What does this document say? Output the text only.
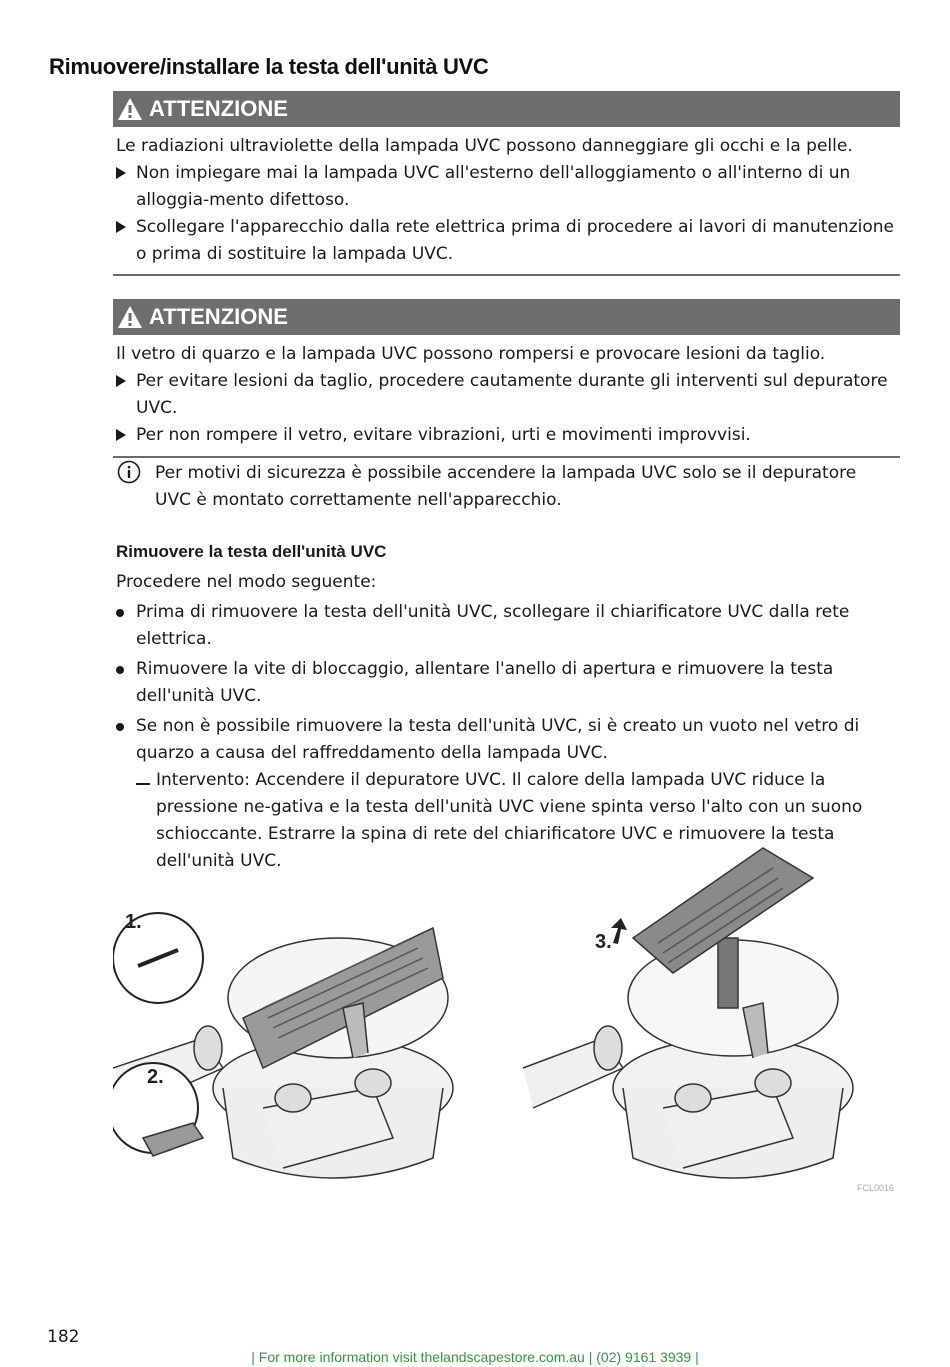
Rimuovere/installare la testa dell'unità UVC
ATTENZIONE

Le radiazioni ultraviolette della lampada UVC possono danneggiare gli occhi e la pelle.

Non impiegare mai la lampada UVC all'esterno dell'alloggiamento o all'interno di un alloggia-mento difettoso.
Scollegare l'apparecchio dalla rete elettrica prima di procedere ai lavori di manutenzione o prima di sostituire la lampada UVC.
ATTENZIONE

Il vetro di quarzo e la lampada UVC possono rompersi e provocare lesioni da taglio.

Per evitare lesioni da taglio, procedere cautamente durante gli interventi sul depuratore UVC.
Per non rompere il vetro, evitare vibrazioni, urti e movimenti improvvisi.

Per motivi di sicurezza è possibile accendere la lampada UVC solo se il depuratore UVC è montato correttamente nell'apparecchio.

Rimuovere la testa dell'unità UVC

Procedere nel modo seguente:

Prima di rimuovere la testa dell'unità UVC, scollegare il chiarificatore UVC dalla rete elettrica.
Rimuovere la vite di bloccaggio, allentare l'anello di apertura e rimuovere la testa dell'unità UVC.
Se non è possibile rimuovere la testa dell'unità UVC, si è creato un vuoto nel vetro di quarzo a causa del raffreddamento della lampada UVC.
Intervento: Accendere il depuratore UVC. Il calore della lampada UVC riduce la pressione ne-gativa e la testa dell'unità UVC viene spinta verso l'alto con un suono schioccante. Estrarre la spina di rete del chiarificatore UVC e rimuovere la testa dell'unità UVC.
1.
2.
3.
FCL0016
182
| For more information visit thelandscapestore.com.au | (02) 9161 3939 |
